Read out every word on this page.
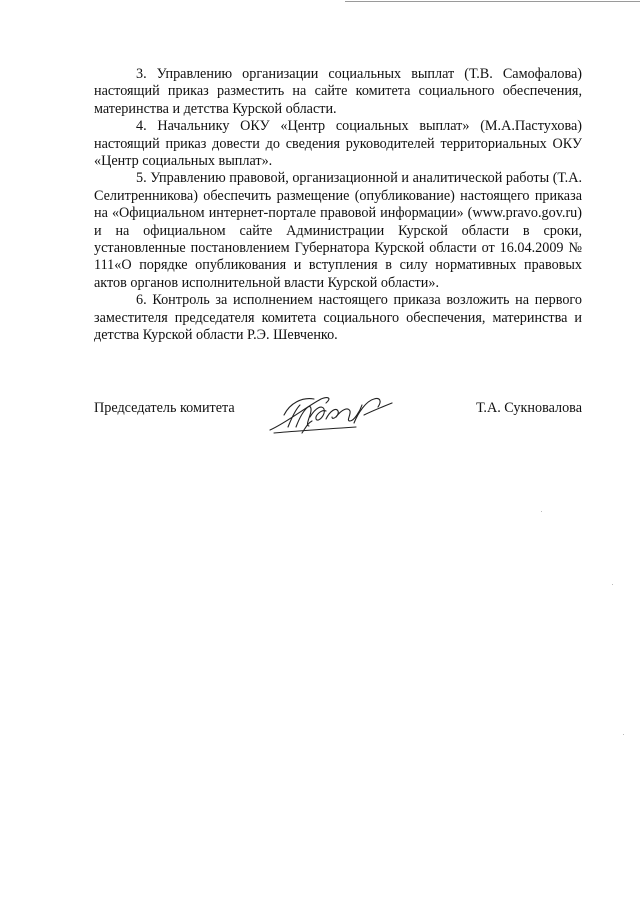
3. Управлению организации социальных выплат (Т.В. Самофалова) настоящий приказ разместить на сайте комитета социального обеспечения, материнства и детства Курской области.

4. Начальнику ОКУ «Центр социальных выплат» (М.А.Пастухова) настоящий приказ довести до сведения руководителей территориальных ОКУ «Центр социальных выплат».

5. Управлению правовой, организационной и аналитической работы (Т.А. Селитренникова) обеспечить размещение (опубликование) настоящего приказа на «Официальном интернет-портале правовой информации» (www.pravo.gov.ru) и на официальном сайте Администрации Курской области в сроки, установленные постановлением Губернатора Курской области от 16.04.2009 № 111«О порядке опубликования и вступления в силу нормативных правовых актов органов исполнительной власти Курской области».

6. Контроль за исполнением настоящего приказа возложить на первого заместителя председателя комитета социального обеспечения, материнства и детства Курской области Р.Э. Шевченко.

Председатель комитета	Т.А. Сукновалова
